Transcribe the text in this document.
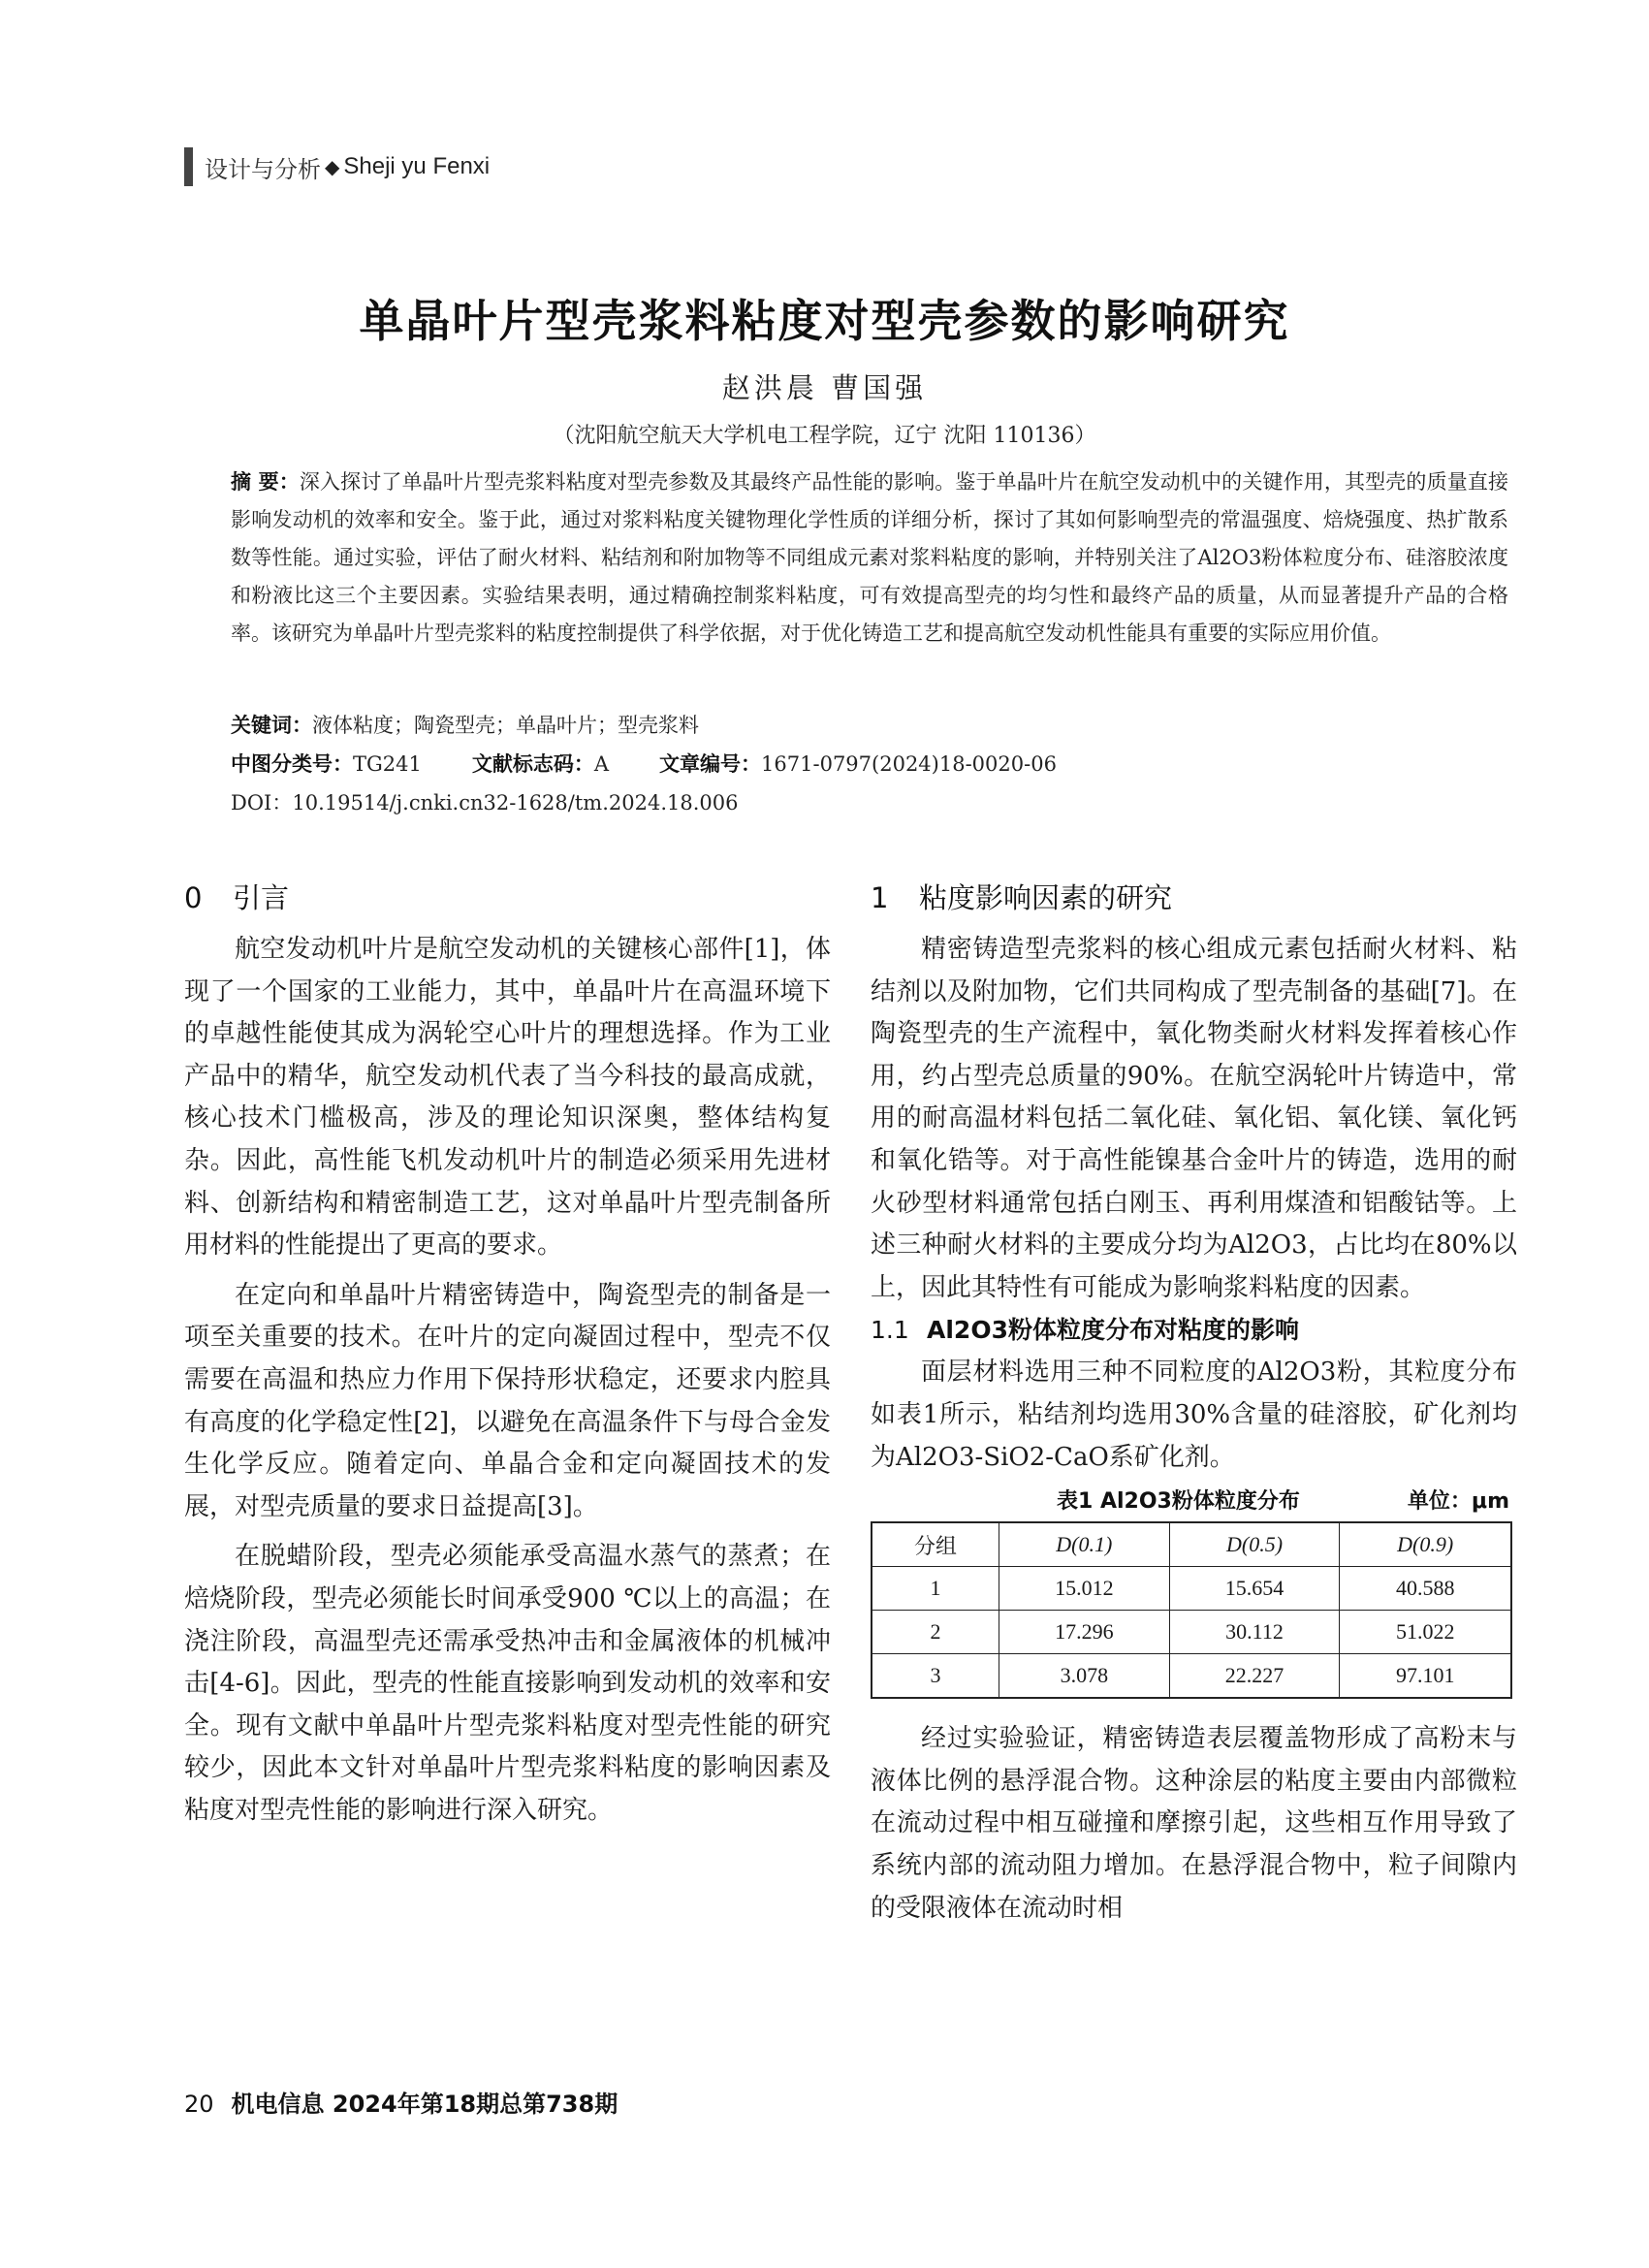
设计与分析 ◆ Sheji yu Fenxi
单晶叶片型壳浆料粘度对型壳参数的影响研究
赵洪晨 曹国强
（沈阳航空航天大学机电工程学院，辽宁 沈阳 110136）
摘 要：深入探讨了单晶叶片型壳浆料粘度对型壳参数及其最终产品性能的影响。鉴于单晶叶片在航空发动机中的关键作用，其型壳的质量直接影响发动机的效率和安全。鉴于此，通过对浆料粘度关键物理化学性质的详细分析，探讨了其如何影响型壳的常温强度、焙烧强度、热扩散系数等性能。通过实验，评估了耐火材料、粘结剂和附加物等不同组成元素对浆料粘度的影响，并特别关注了Al2O3粉体粒度分布、硅溶胶浓度和粉液比这三个主要因素。实验结果表明，通过精确控制浆料粘度，可有效提高型壳的均匀性和最终产品的质量，从而显著提升产品的合格率。该研究为单晶叶片型壳浆料的粘度控制提供了科学依据，对于优化铸造工艺和提高航空发动机性能具有重要的实际应用价值。
关键词：液体粘度；陶瓷型壳；单晶叶片；型壳浆料
中图分类号：TG241 文献标志码：A 文章编号：1671-0797(2024)18-0020-06
DOI：10.19514/j.cnki.cn32-1628/tm.2024.18.006
0 引言

航空发动机叶片是航空发动机的关键核心部件[1]，体现了一个国家的工业能力，其中，单晶叶片在高温环境下的卓越性能使其成为涡轮空心叶片的理想选择。作为工业产品中的精华，航空发动机代表了当今科技的最高成就，核心技术门槛极高，涉及的理论知识深奥，整体结构复杂。因此，高性能飞机发动机叶片的制造必须采用先进材料、创新结构和精密制造工艺，这对单晶叶片型壳制备所用材料的性能提出了更高的要求。

在定向和单晶叶片精密铸造中，陶瓷型壳的制备是一项至关重要的技术。在叶片的定向凝固过程中，型壳不仅需要在高温和热应力作用下保持形状稳定，还要求内腔具有高度的化学稳定性[2]，以避免在高温条件下与母合金发生化学反应。随着定向、单晶合金和定向凝固技术的发展，对型壳质量的要求日益提高[3]。

在脱蜡阶段，型壳必须能承受高温水蒸气的蒸煮；在焙烧阶段，型壳必须能长时间承受900 ℃以上的高温；在浇注阶段，高温型壳还需承受热冲击和金属液体的机械冲击[4-6]。因此，型壳的性能直接影响到发动机的效率和安全。现有文献中单晶叶片型壳浆料粘度对型壳性能的研究较少，因此本文针对单晶叶片型壳浆料粘度的影响因素及粘度对型壳性能的影响进行深入研究。

1 粘度影响因素的研究

精密铸造型壳浆料的核心组成元素包括耐火材料、粘结剂以及附加物，它们共同构成了型壳制备的基础[7]。在陶瓷型壳的生产流程中，氧化物类耐火材料发挥着核心作用，约占型壳总质量的90%。在航空涡轮叶片铸造中，常用的耐高温材料包括二氧化硅、氧化铝、氧化镁、氧化钙和氧化锆等。对于高性能镍基合金叶片的铸造，选用的耐火砂型材料通常包括白刚玉、再利用煤渣和铝酸钴等。上述三种耐火材料的主要成分均为Al2O3，占比均在80%以上，因此其特性有可能成为影响浆料粘度的因素。

1.1 Al2O3粉体粒度分布对粘度的影响

面层材料选用三种不同粒度的Al2O3粉，其粒度分布如表1所示，粘结剂均选用30%含量的硅溶胶，矿化剂均为Al2O3-SiO2-CaO系矿化剂。

表1 Al2O3粉体粒度分布	单位：μm
分组	D(0.1)	D(0.5)	D(0.9)
1	15.012	15.654	40.588
2	17.296	30.112	51.022
3	3.078	22.227	97.101

经过实验验证，精密铸造表层覆盖物形成了高粉末与液体比例的悬浮混合物。这种涂层的粘度主要由内部微粒在流动过程中相互碰撞和摩擦引起，这些相互作用导致了系统内部的流动阻力增加。在悬浮混合物中，粒子间隙内的受限液体在流动时相

20 机电信息 2024年第18期总第738期
